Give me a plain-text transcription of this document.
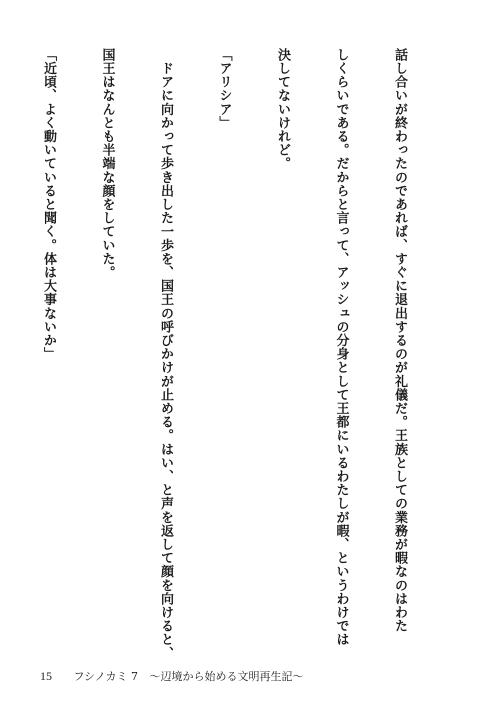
話し合いが終わったのであれば、すぐに退出するのが礼儀だ。王族としての業務が暇なのはわた

しくらいである。だからと言って、アッシュの分身として王都にいるわたしが暇、というわけでは

決してないけれど。

「アリシア」

　ドアに向かって歩き出した一歩を、国王の呼びかけが止める。はい、と声を返して顔を向けると、

国王はなんとも半端な顔をしていた。

「近頃、よく動いていると聞く。体は大事ないか」

15 フシノカミ 7 ～辺境から始める文明再生記～
